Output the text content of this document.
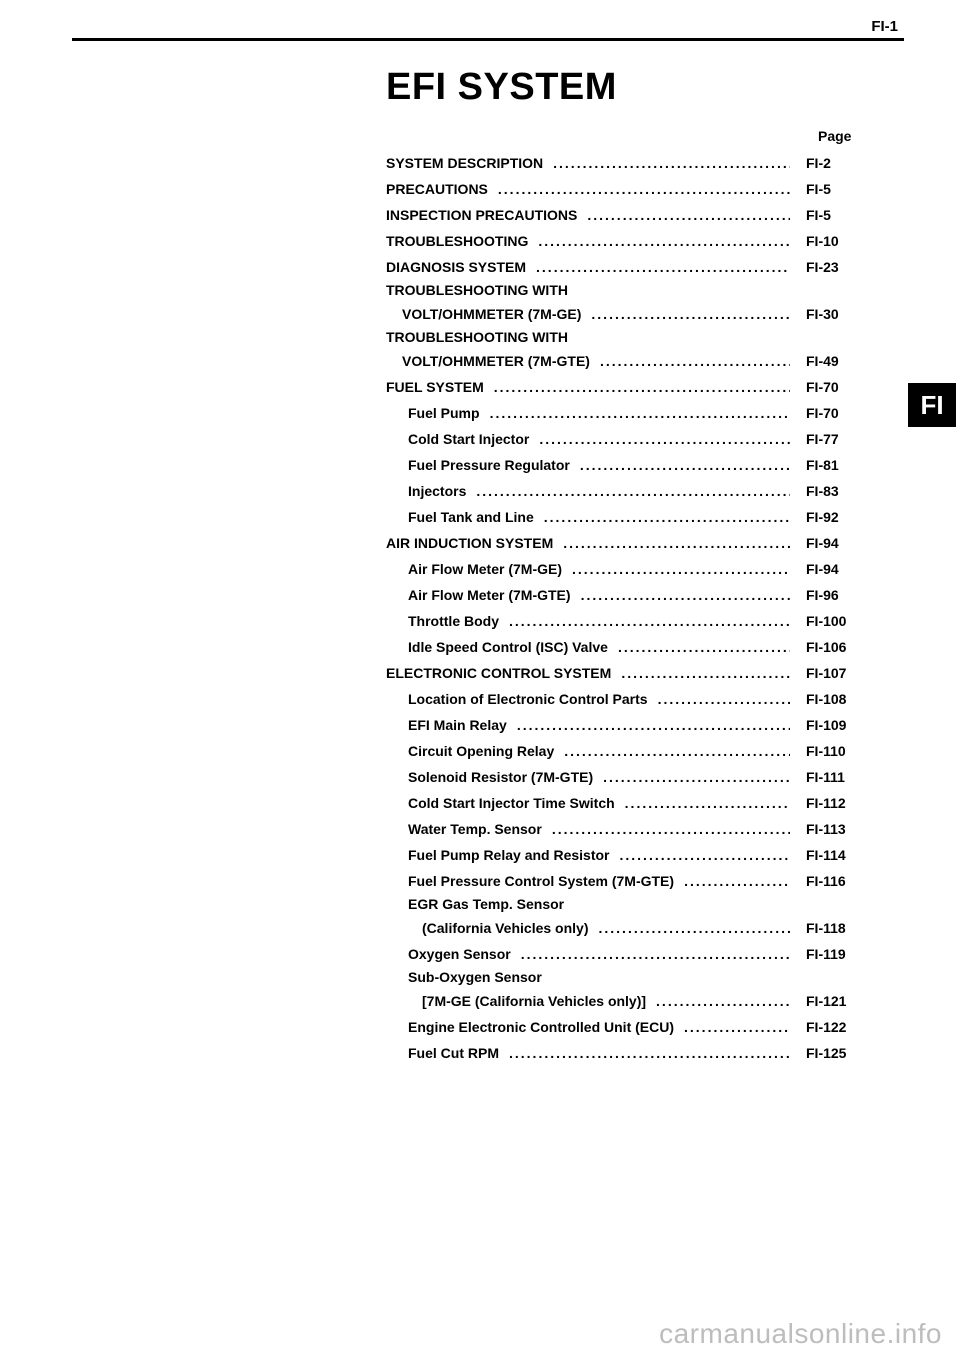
FI-1
EFI SYSTEM
Page
SYSTEM DESCRIPTION .....	FI-2
PRECAUTIONS .....	FI-5
INSPECTION PRECAUTIONS .....	FI-5
TROUBLESHOOTING .....	FI-10
DIAGNOSIS SYSTEM .....	FI-23
TROUBLESHOOTING WITH
VOLT/OHMMETER (7M-GE) .....	FI-30
TROUBLESHOOTING WITH
VOLT/OHMMETER (7M-GTE) .....	FI-49
FUEL SYSTEM .....	FI-70
Fuel Pump .....	FI-70
Cold Start Injector .....	FI-77
Fuel Pressure Regulator .....	FI-81
Injectors .....	FI-83
Fuel Tank and Line .....	FI-92
AIR INDUCTION SYSTEM .....	FI-94
Air Flow Meter (7M-GE) .....	FI-94
Air Flow Meter (7M-GTE) .....	FI-96
Throttle Body .....	FI-100
Idle Speed Control (ISC) Valve .....	FI-106
ELECTRONIC CONTROL SYSTEM .....	FI-107
Location of Electronic Control Parts .....	FI-108
EFI Main Relay .....	FI-109
Circuit Opening Relay .....	FI-110
Solenoid Resistor (7M-GTE) .....	FI-111
Cold Start Injector Time Switch .....	FI-112
Water Temp. Sensor .....	FI-113
Fuel Pump Relay and Resistor .....	FI-114
Fuel Pressure Control System (7M-GTE) .....	FI-116
EGR Gas Temp. Sensor
(California Vehicles only) .....	FI-118
Oxygen Sensor .....	FI-119
Sub-Oxygen Sensor
[7M-GE (California Vehicles only)] .....	FI-121
Engine Electronic Controlled Unit (ECU) .....	FI-122
Fuel Cut RPM .....	FI-125
FI
carmanualsonline.info
